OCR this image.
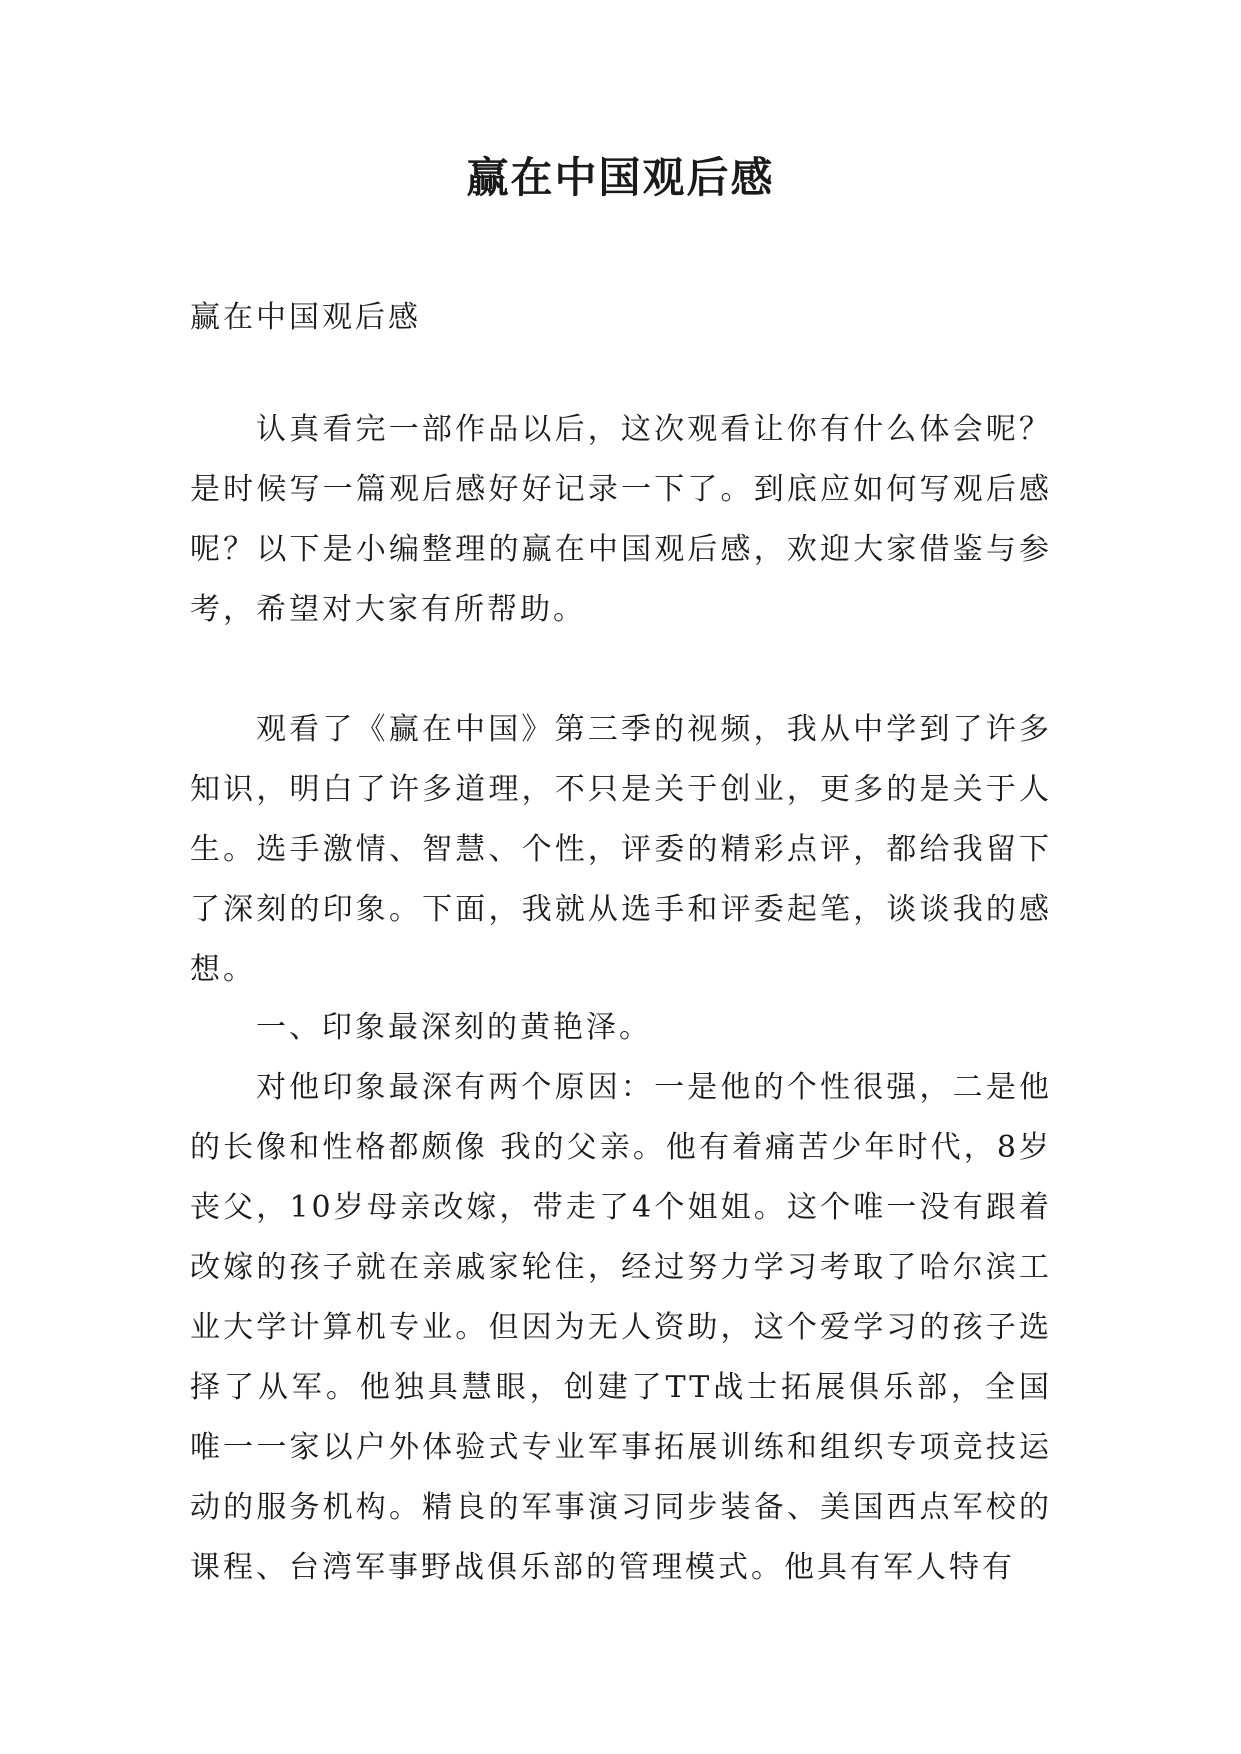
赢在中国观后感

赢在中国观后感

认真看完一部作品以后，这次观看让你有什么体会呢？是时候写一篇观后感好好记录一下了。到底应如何写观后感呢？以下是小编整理的赢在中国观后感，欢迎大家借鉴与参考，希望对大家有所帮助。

观看了《赢在中国》第三季的视频，我从中学到了许多知识，明白了许多道理，不只是关于创业，更多的是关于人生。选手激情、智慧、个性，评委的精彩点评，都给我留下了深刻的印象。下面，我就从选手和评委起笔，谈谈我的感想。

一、印象最深刻的黄艳泽。

对他印象最深有两个原因：一是他的个性很强，二是他的长像和性格都颇像 我的父亲。他有着痛苦少年时代，8岁丧父，10岁母亲改嫁，带走了4个姐姐。这个唯一没有跟着改嫁的孩子就在亲戚家轮住，经过努力学习考取了哈尔滨工业大学计算机专业。但因为无人资助，这个爱学习的孩子选择了从军。他独具慧眼，创建了TT战士拓展俱乐部，全国唯一一家以户外体验式专业军事拓展训练和组织专项竞技运动的服务机构。精良的军事演习同步装备、美国西点军校的课程、台湾军事野战俱乐部的管理模式。他具有军人特有
